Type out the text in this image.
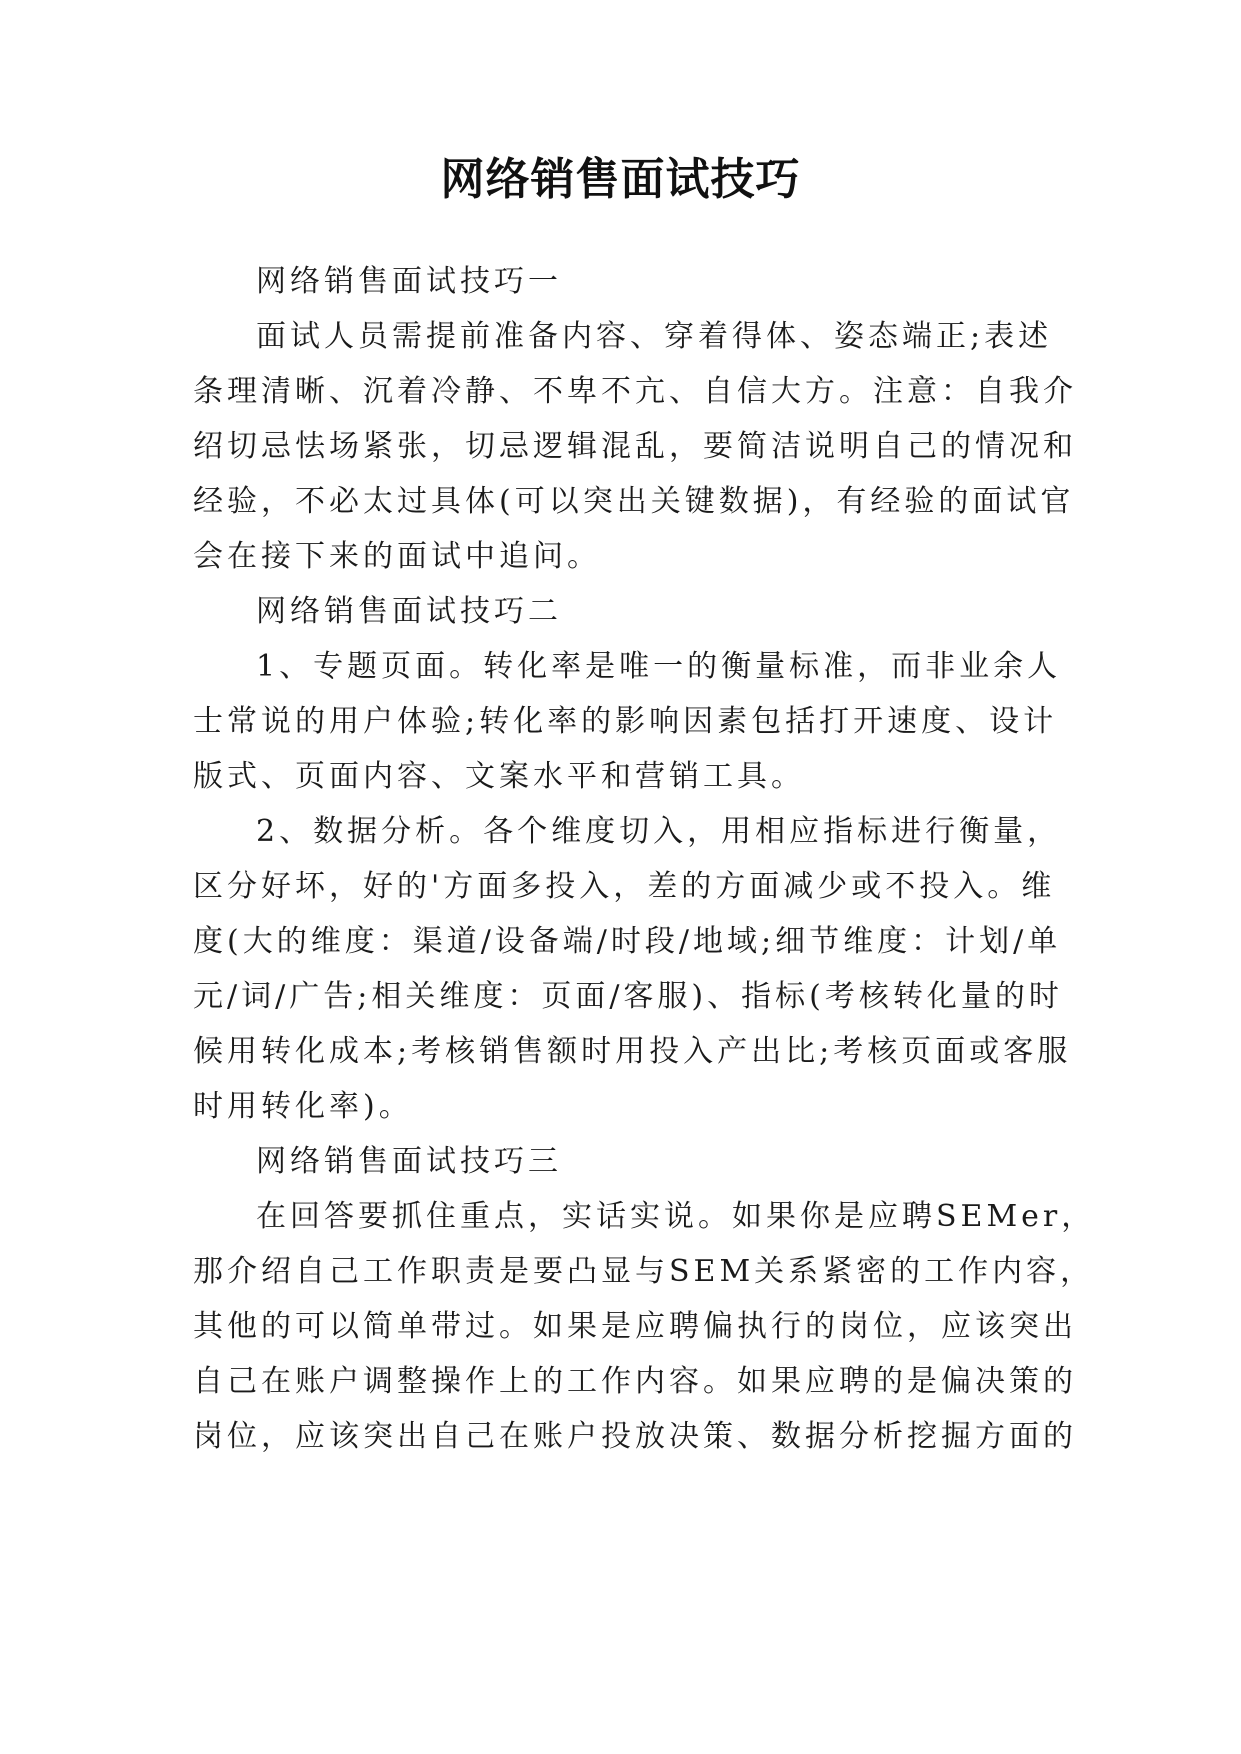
网络销售面试技巧
网络销售面试技巧一
面试人员需提前准备内容、穿着得体、姿态端正;表述
条理清晰、沉着冷静、不卑不亢、自信大方。注意：自我介
绍切忌怯场紧张，切忌逻辑混乱，要简洁说明自己的情况和
经验，不必太过具体(可以突出关键数据)，有经验的面试官
会在接下来的面试中追问。
网络销售面试技巧二
1、专题页面。转化率是唯一的衡量标准，而非业余人
士常说的用户体验;转化率的影响因素包括打开速度、设计
版式、页面内容、文案水平和营销工具。
2、数据分析。各个维度切入，用相应指标进行衡量，
区分好坏，好的'方面多投入，差的方面减少或不投入。维
度(大的维度：渠道/设备端/时段/地域;细节维度：计划/单
元/词/广告;相关维度：页面/客服)、指标(考核转化量的时
候用转化成本;考核销售额时用投入产出比;考核页面或客服
时用转化率)。
网络销售面试技巧三
在回答要抓住重点，实话实说。如果你是应聘SEMer，
那介绍自己工作职责是要凸显与SEM关系紧密的工作内容，
其他的可以简单带过。如果是应聘偏执行的岗位，应该突出
自己在账户调整操作上的工作内容。如果应聘的是偏决策的
岗位，应该突出自己在账户投放决策、数据分析挖掘方面的
